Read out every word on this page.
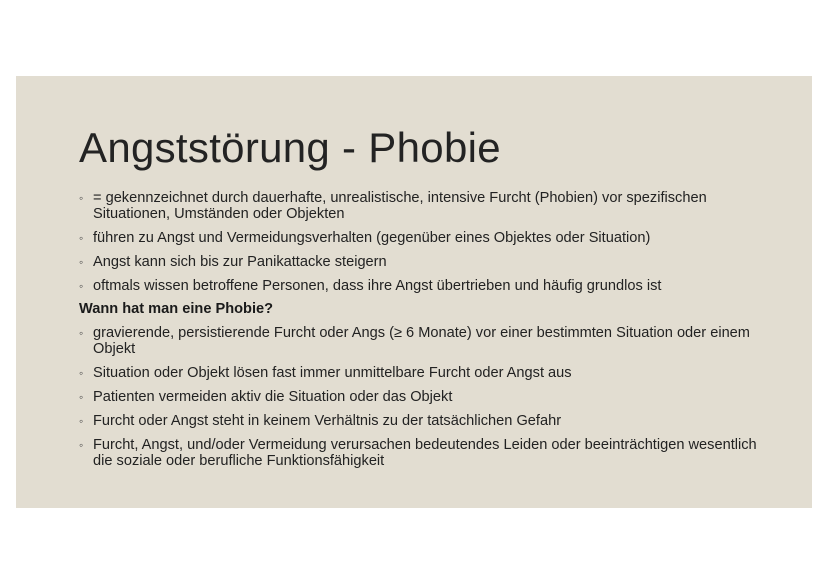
Angststörung - Phobie
◦ = gekennzeichnet durch dauerhafte, unrealistische, intensive Furcht (Phobien) vor spezifischen Situationen, Umständen oder Objekten
◦ führen zu Angst und Vermeidungsverhalten (gegenüber eines Objektes oder Situation)
◦ Angst kann sich bis zur Panikattacke steigern
◦ oftmals wissen betroffene Personen, dass ihre Angst übertrieben und häufig grundlos ist
Wann hat man eine Phobie?
◦ gravierende, persistierende Furcht oder Angs (≥ 6 Monate) vor einer bestimmten Situation oder einem Objekt
◦ Situation oder Objekt lösen fast immer unmittelbare Furcht oder Angst aus
◦ Patienten vermeiden aktiv die Situation oder das Objekt
◦ Furcht oder Angst steht in keinem Verhältnis zu der tatsächlichen Gefahr
◦ Furcht, Angst, und/oder Vermeidung verursachen bedeutendes Leiden oder beeinträchtigen wesentlich die soziale oder berufliche Funktionsfähigkeit
